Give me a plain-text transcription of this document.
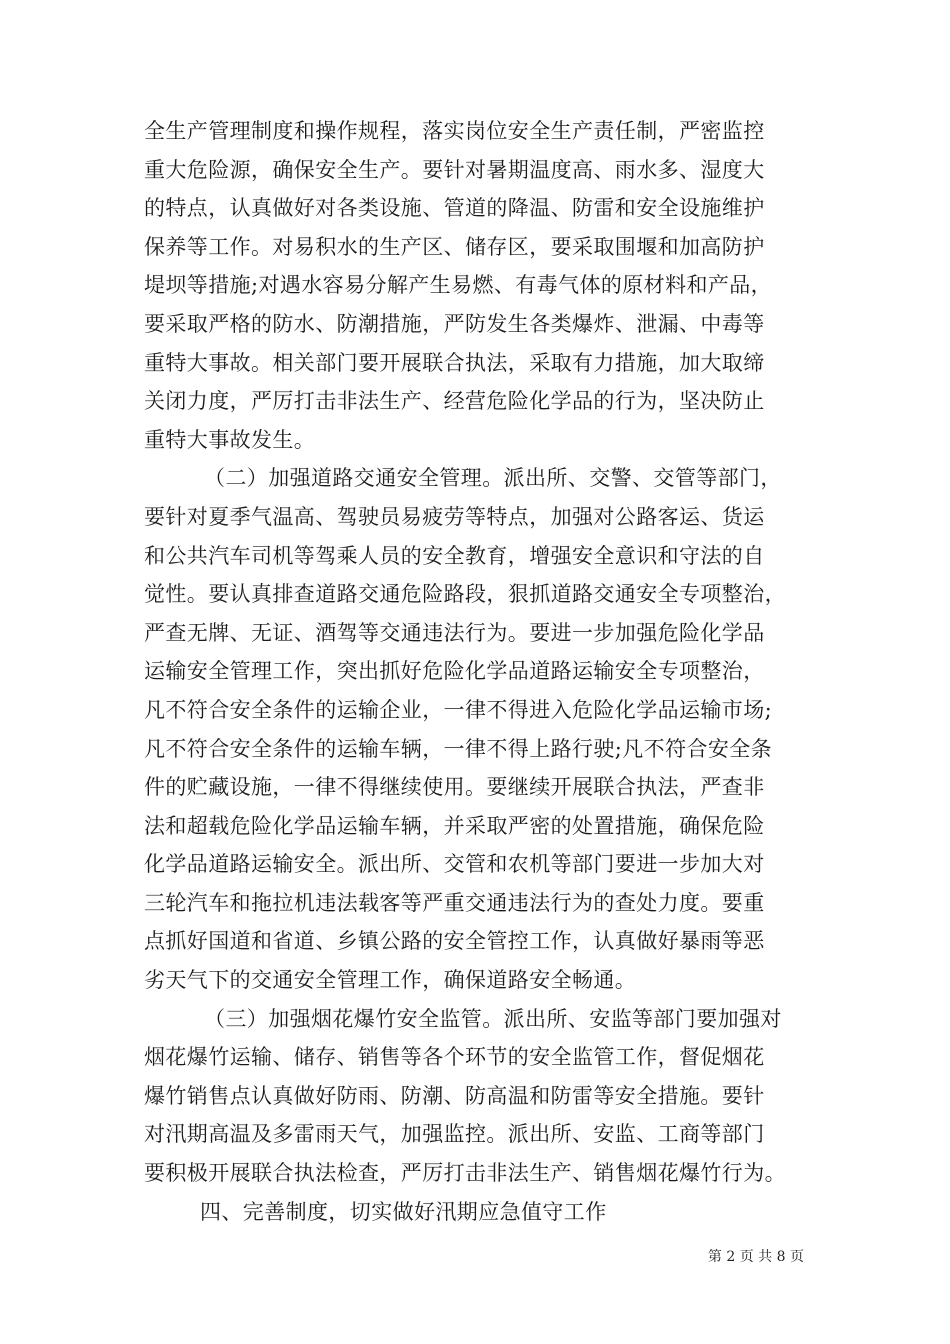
全生产管理制度和操作规程，落实岗位安全生产责任制，严密监控
重大危险源，确保安全生产。要针对暑期温度高、雨水多、湿度大
的特点，认真做好对各类设施、管道的降温、防雷和安全设施维护
保养等工作。对易积水的生产区、储存区，要采取围堰和加高防护
堤坝等措施;对遇水容易分解产生易燃、有毒气体的原材料和产品，
要采取严格的防水、防潮措施，严防发生各类爆炸、泄漏、中毒等
重特大事故。相关部门要开展联合执法，采取有力措施，加大取缔
关闭力度，严厉打击非法生产、经营危险化学品的行为，坚决防止
重特大事故发生。
（二）加强道路交通安全管理。派出所、交警、交管等部门，
要针对夏季气温高、驾驶员易疲劳等特点，加强对公路客运、货运
和公共汽车司机等驾乘人员的安全教育，增强安全意识和守法的自
觉性。要认真排查道路交通危险路段，狠抓道路交通安全专项整治，
严查无牌、无证、酒驾等交通违法行为。要进一步加强危险化学品
运输安全管理工作，突出抓好危险化学品道路运输安全专项整治，
凡不符合安全条件的运输企业，一律不得进入危险化学品运输市场;
凡不符合安全条件的运输车辆，一律不得上路行驶;凡不符合安全条
件的贮藏设施，一律不得继续使用。要继续开展联合执法，严查非
法和超载危险化学品运输车辆，并采取严密的处置措施，确保危险
化学品道路运输安全。派出所、交管和农机等部门要进一步加大对
三轮汽车和拖拉机违法载客等严重交通违法行为的查处力度。要重
点抓好国道和省道、乡镇公路的安全管控工作，认真做好暴雨等恶
劣天气下的交通安全管理工作，确保道路安全畅通。
（三）加强烟花爆竹安全监管。派出所、安监等部门要加强对
烟花爆竹运输、储存、销售等各个环节的安全监管工作，督促烟花
爆竹销售点认真做好防雨、防潮、防高温和防雷等安全措施。要针
对汛期高温及多雷雨天气，加强监控。派出所、安监、工商等部门
要积极开展联合执法检查，严厉打击非法生产、销售烟花爆竹行为。
四、完善制度，切实做好汛期应急值守工作
第 2 页 共 8 页
